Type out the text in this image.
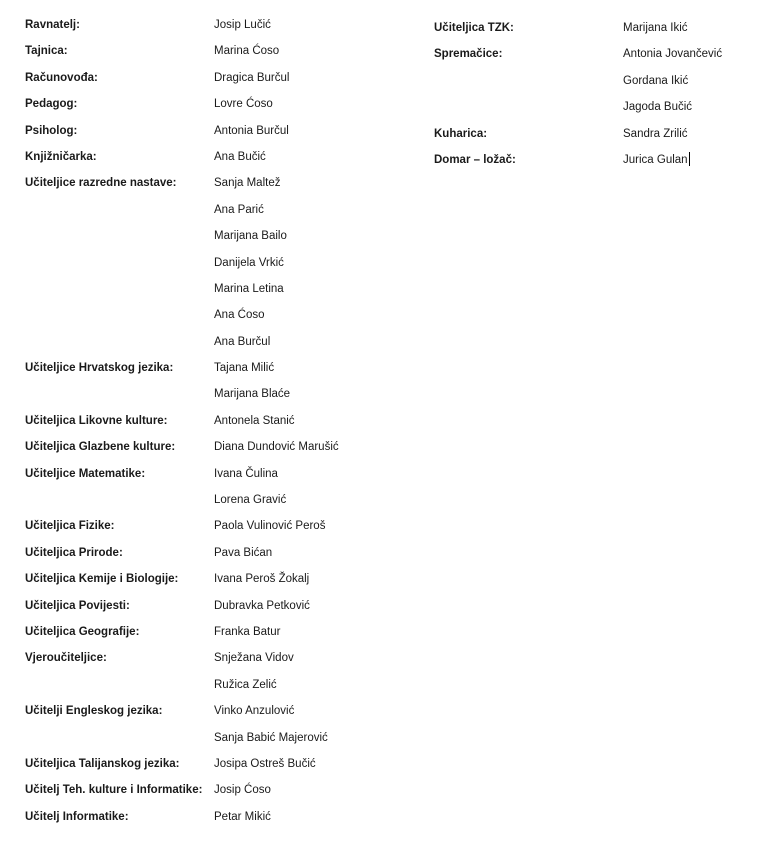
Ravnatelj:	Josip Lučić
Tajnica:	Marina Ćoso
Računovođa:	Dragica Burčul
Pedagog:	Lovre Ćoso
Psiholog:	Antonia Burčul
Knjižničarka:	Ana Bučić
Učiteljice razredne nastave:	Sanja Maltež
Ana Parić
Marijana Bailo
Danijela Vrkić
Marina Letina
Ana Ćoso
Ana Burčul
Učiteljice Hrvatskog jezika:	Tajana Milić
Marijana Blaće
Učiteljica Likovne kulture:	Antonela Stanić
Učiteljica Glazbene kulture:	Diana Dundović Marušić
Učiteljice Matematike:	Ivana Čulina
Lorena Gravić
Učiteljica Fizike:	Paola Vulinović Peroš
Učiteljica Prirode:	Pava Bićan
Učiteljica Kemije i Biologije:	Ivana Peroš Žokalj
Učiteljica Povijesti:	Dubravka Petković
Učiteljica Geografije:	Franka Batur
Vjeroučiteljice:	Snježana Vidov
Ružica Zelić
Učitelji Engleskog jezika:	Vinko Anzulović
Sanja Babić Majerović
Učiteljica Talijanskog jezika:	Josipa Ostreš Bučić
Učitelj Teh. kulture i Informatike:	Josip Ćoso
Učitelj Informatike:	Petar Mikić
Učiteljica TZK:	Marijana Ikić
Spremačice:	Antonia Jovančević
Gordana Ikić
Jagoda Bučić
Kuharica:	Sandra Zrilić
Domar – ložač:	Jurica Gulan
